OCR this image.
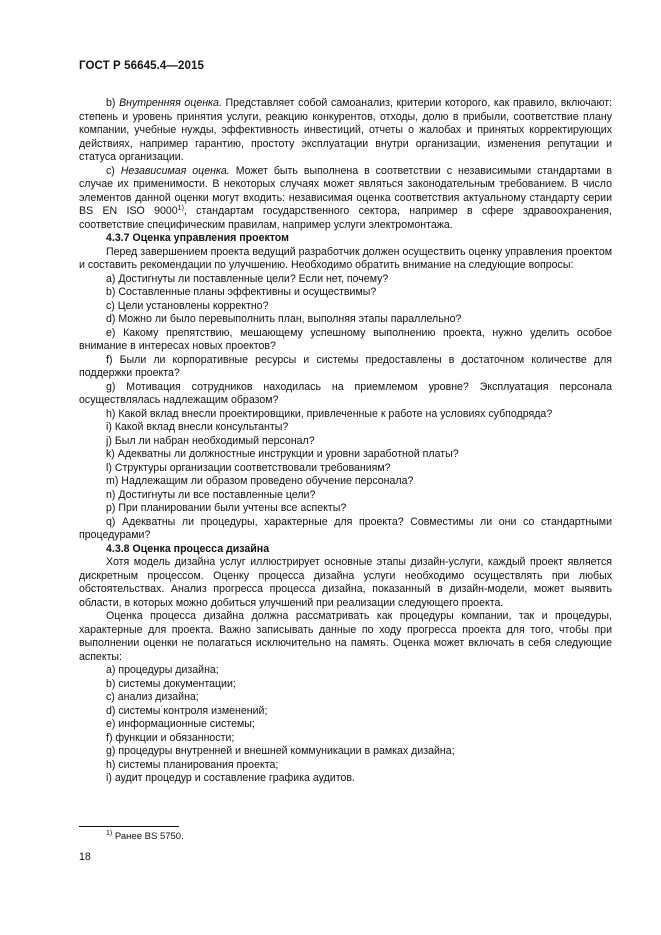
ГОСТ Р 56645.4—2015

b) Внутренняя оценка. Представляет собой самоанализ, критерии которого, как правило, включают: степень и уровень принятия услуги, реакцию конкурентов, отходы, долю в прибыли, соответствие плану компании, учебные нужды, эффективность инвестиций, отчеты о жалобах и принятых корректирующих действиях, например гарантию, простоту эксплуатации внутри организации, изменения репутации и статуса организации.

c) Независимая оценка. Может быть выполнена в соответствии с независимыми стандартами в случае их применимости. В некоторых случаях может являться законодательным требованием. В число элементов данной оценки могут входить: независимая оценка соответствия актуальному стандарту серии BS EN ISO 9000$^{1)}$, стандартам государственного сектора, например в сфере здравоохранения, соответствие специфическим правилам, например услуги электромонтажа.

4.3.7 Оценка управления проектом

Перед завершением проекта ведущий разработчик должен осуществить оценку управления проектом и составить рекомендации по улучшению. Необходимо обратить внимание на следующие вопросы:

a) Достигнуты ли поставленные цели? Если нет, почему?

b) Составленные планы эффективны и осуществимы?

c) Цели установлены корректно?

d) Можно ли было перевыполнить план, выполняя этапы параллельно?

e) Какому препятствию, мешающему успешному выполнению проекта, нужно уделить особое внимание в интересах новых проектов?

f) Были ли корпоративные ресурсы и системы предоставлены в достаточном количестве для поддержки проекта?

g) Мотивация сотрудников находилась на приемлемом уровне? Эксплуатация персонала осуществлялась надлежащим образом?

h) Какой вклад внесли проектировщики, привлеченные к работе на условиях субподряда?

i) Какой вклад внесли консультанты?

j) Был ли набран необходимый персонал?

k) Адекватны ли должностные инструкции и уровни заработной платы?

l) Структуры организации соответствовали требованиям?

m) Надлежащим ли образом проведено обучение персонала?

n) Достигнуты ли все поставленные цели?

p) При планировании были учтены все аспекты?

q) Адекватны ли процедуры, характерные для проекта? Совместимы ли они со стандартными процедурами?

4.3.8 Оценка процесса дизайна

Хотя модель дизайна услуг иллюстрирует основные этапы дизайн-услуги, каждый проект является дискретным процессом. Оценку процесса дизайна услуги необходимо осуществлять при любых обстоятельствах. Анализ прогресса процесса дизайна, показанный в дизайн-модели, может выявить области, в которых можно добиться улучшений при реализации следующего проекта.

Оценка процесса дизайна должна рассматривать как процедуры компании, так и процедуры, характерные для проекта. Важно записывать данные по ходу прогресса проекта для того, чтобы при выполнении оценки не полагаться исключительно на память. Оценка может включать в себя следующие аспекты:

a) процедуры дизайна;

b) системы документации;

c) анализ дизайна;

d) системы контроля изменений;

e) информационные системы;

f) функции и обязанности;

g) процедуры внутренней и внешней коммуникации в рамках дизайна;

h) системы планирования проекта;

i) аудит процедур и составление графика аудитов.

$^{1)}$ Ранее BS 5750.
18
